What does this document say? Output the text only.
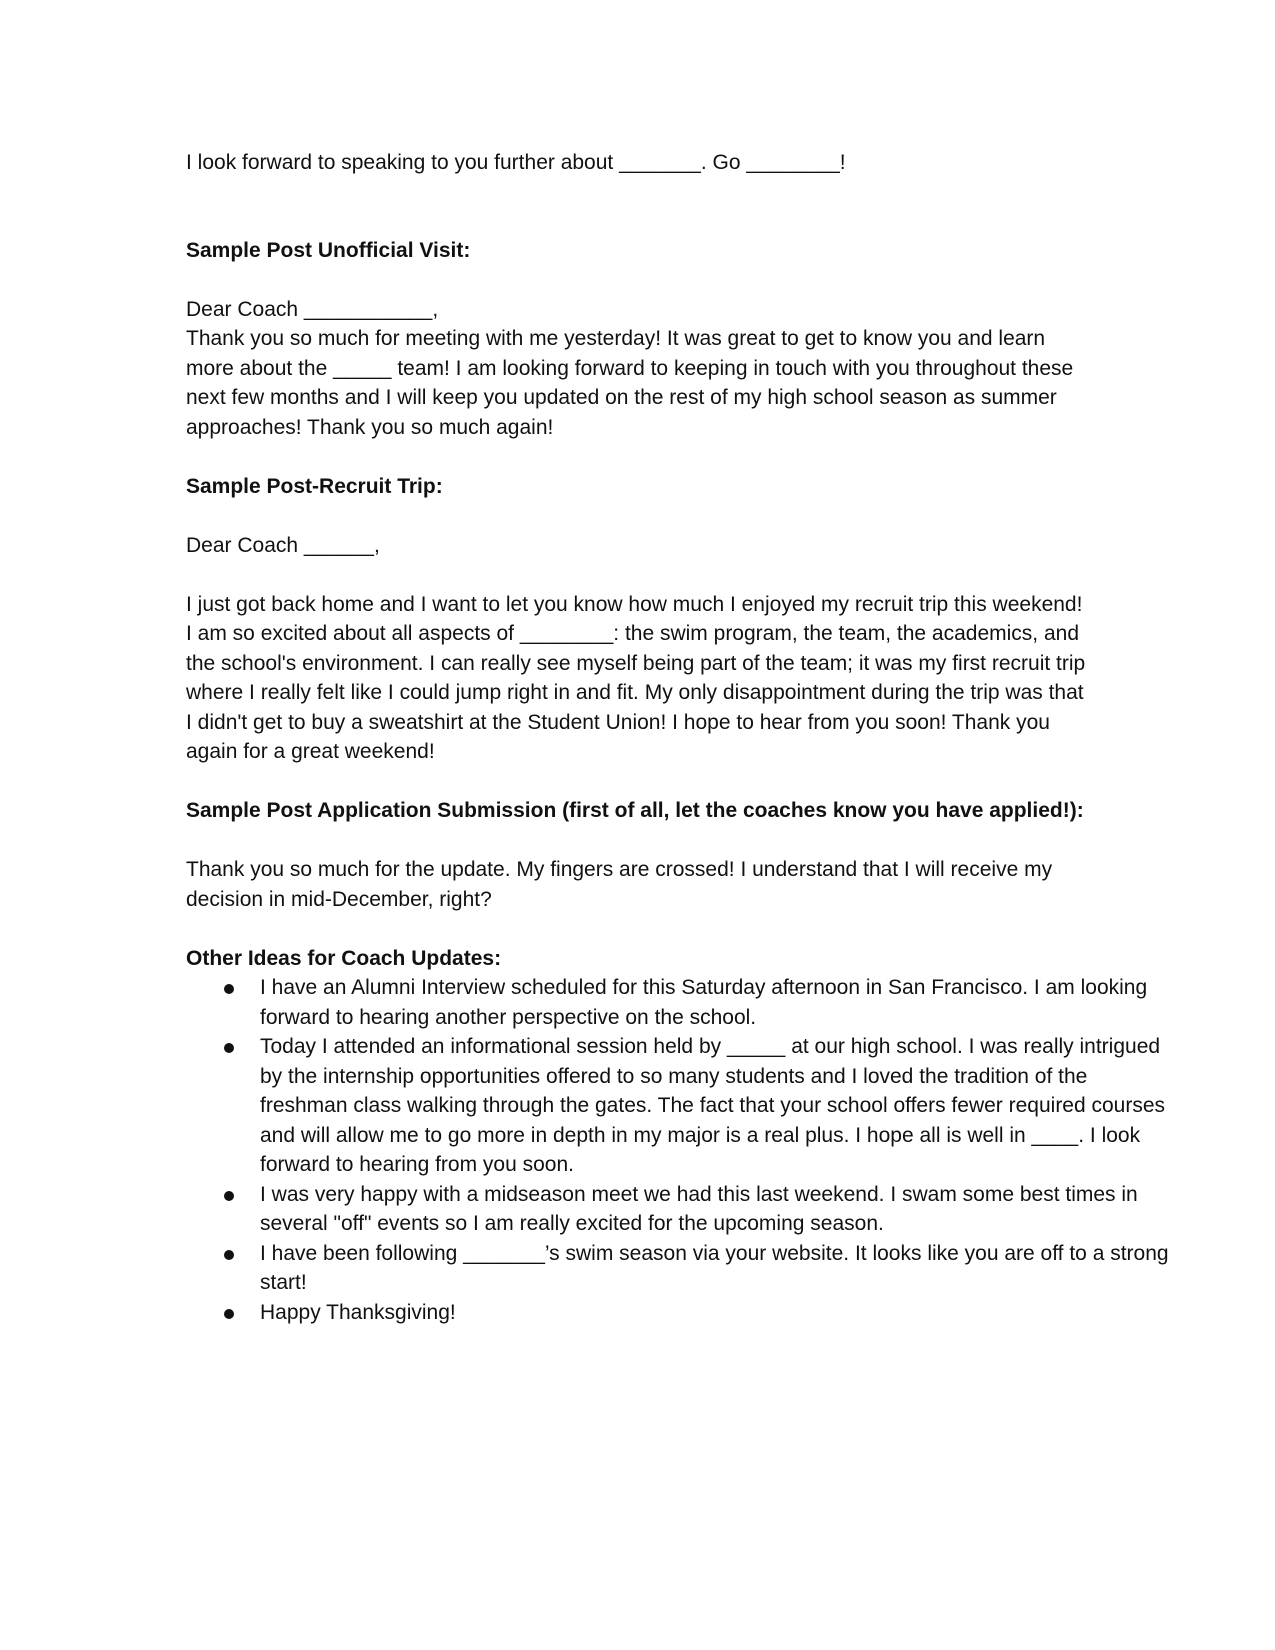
I look forward to speaking to you further about _______. Go ________!

Sample Post Unofficial Visit:

Dear Coach ___________,

Thank you so much for meeting with me yesterday! It was great to get to know you and learn more about the _____ team! I am looking forward to keeping in touch with you throughout these next few months and I will keep you updated on the rest of my high school season as summer approaches! Thank you so much again!

Sample Post-Recruit Trip:

Dear Coach ______,

I just got back home and I want to let you know how much I enjoyed my recruit trip this weekend! I am so excited about all aspects of ________: the swim program, the team, the academics, and the school's environment. I can really see myself being part of the team; it was my first recruit trip where I really felt like I could jump right in and fit. My only disappointment during the trip was that I didn't get to buy a sweatshirt at the Student Union! I hope to hear from you soon! Thank you again for a great weekend!

Sample Post Application Submission (first of all, let the coaches know you have applied!):

Thank you so much for the update. My fingers are crossed! I understand that I will receive my decision in mid-December, right?

Other Ideas for Coach Updates:

I have an Alumni Interview scheduled for this Saturday afternoon in San Francisco. I am looking forward to hearing another perspective on the school.
Today I attended an informational session held by _____ at our high school. I was really intrigued by the internship opportunities offered to so many students and I loved the tradition of the freshman class walking through the gates. The fact that your school offers fewer required courses and will allow me to go more in depth in my major is a real plus. I hope all is well in ____. I look forward to hearing from you soon.
I was very happy with a midseason meet we had this last weekend. I swam some best times in several "off" events so I am really excited for the upcoming season.
I have been following _______’s swim season via your website. It looks like you are off to a strong start!
Happy Thanksgiving!
